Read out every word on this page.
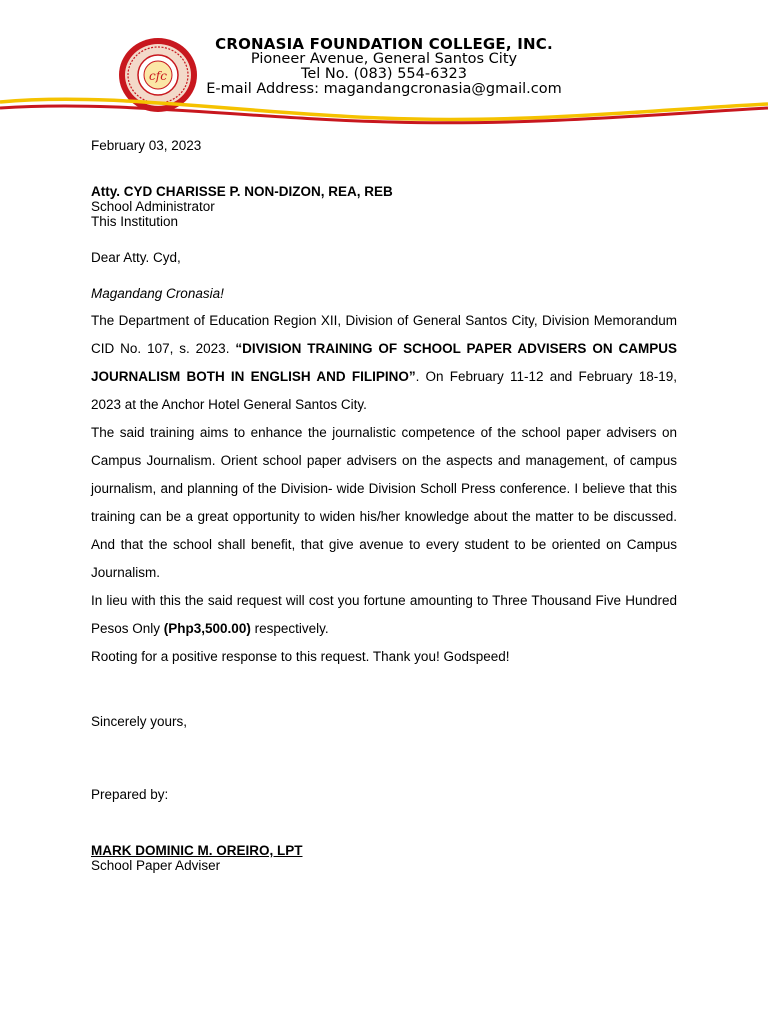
cfc
CRONASIA FOUNDATION COLLEGE, INC.
Pioneer Avenue, General Santos City
Tel No. (083) 554-6323
E-mail Address: magandangcronasia@gmail.com
February 03, 2023
Atty. CYD CHARISSE P. NON-DIZON, REA, REB
School Administrator
This Institution
Dear Atty. Cyd,
Magandang Cronasia!
The Department of Education Region XII, Division of General Santos City, Division Memorandum CID No. 107, s. 2023. “DIVISION TRAINING OF SCHOOL PAPER ADVISERS ON CAMPUS JOURNALISM BOTH IN ENGLISH AND FILIPINO”. On February 11-12 and February 18-19, 2023 at the Anchor Hotel General Santos City.
The said training aims to enhance the journalistic competence of the school paper advisers on Campus Journalism. Orient school paper advisers on the aspects and management, of campus journalism, and planning of the Division- wide Division Scholl Press conference. I believe that this training can be a great opportunity to widen his/her knowledge about the matter to be discussed. And that the school shall benefit, that give avenue to every student to be oriented on Campus Journalism.
In lieu with this the said request will cost you fortune amounting to Three Thousand Five Hundred Pesos Only (Php3,500.00) respectively.
Rooting for a positive response to this request. Thank you! Godspeed!
Sincerely yours,
Prepared by:
MARK DOMINIC M. OREIRO, LPT
School Paper Adviser
